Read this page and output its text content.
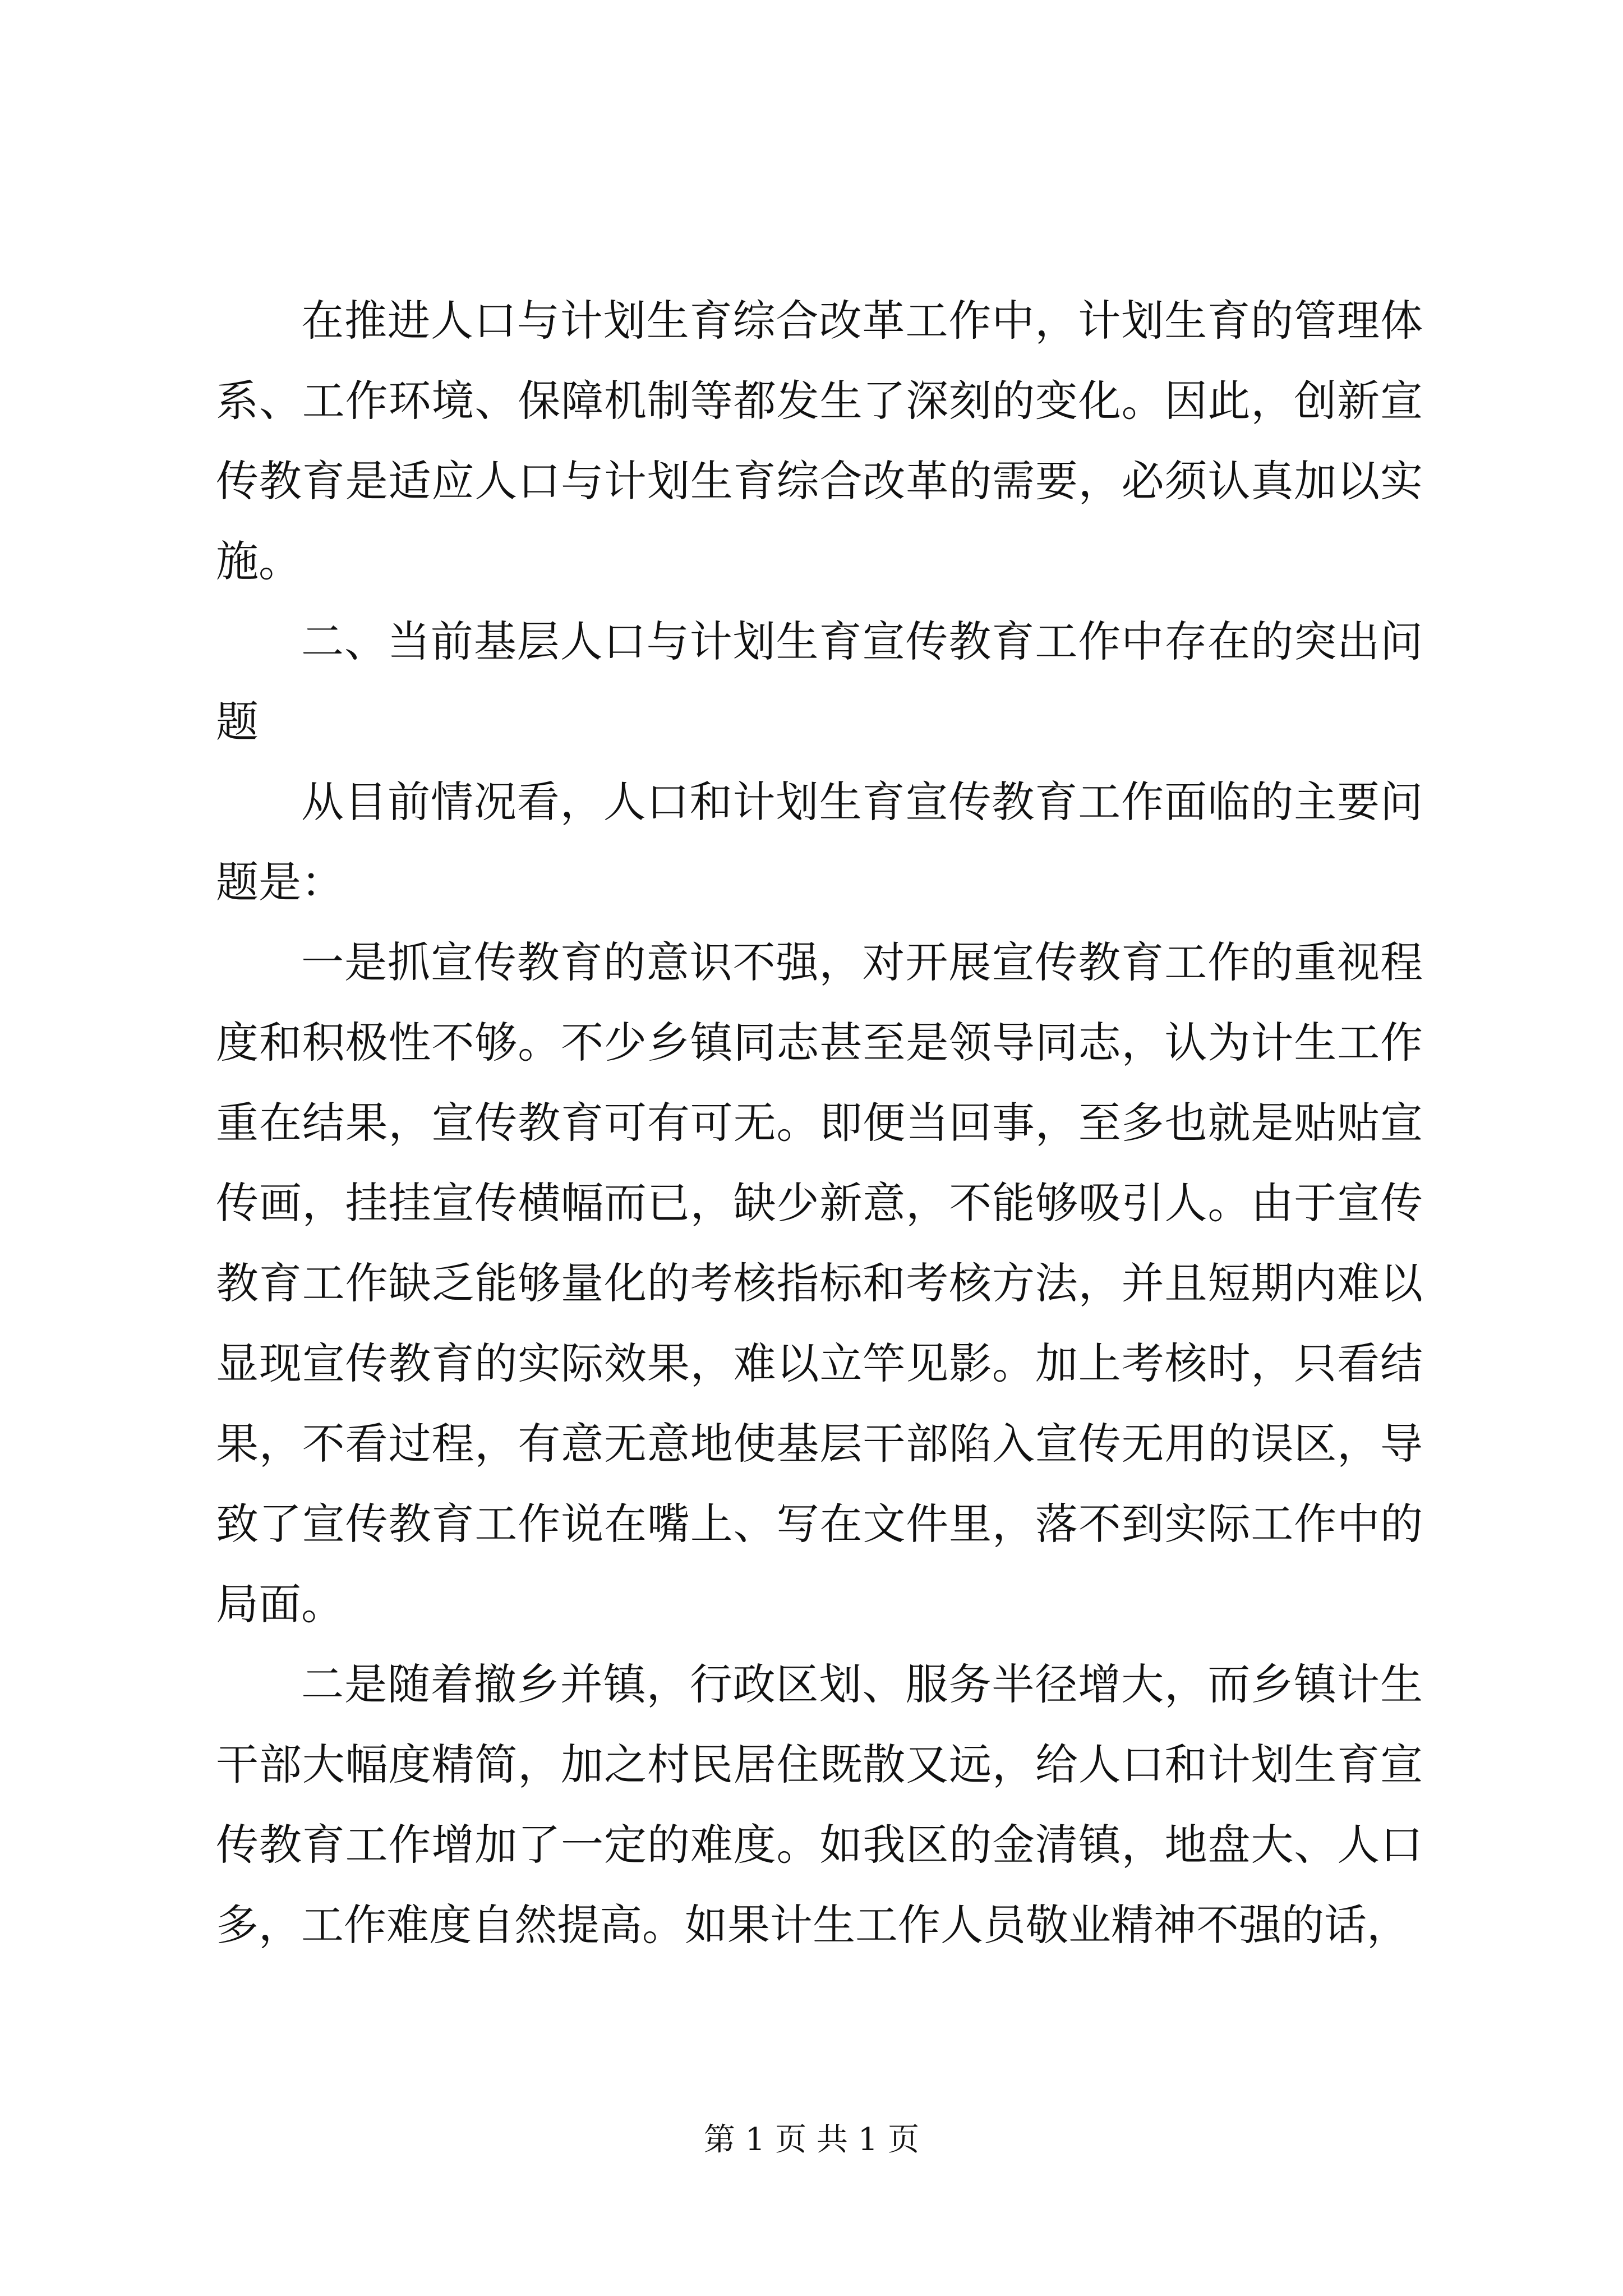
在推进人口与计划生育综合改革工作中，计划生育的管理体系、工作环境、保障机制等都发生了深刻的变化。因此，创新宣传教育是适应人口与计划生育综合改革的需要，必须认真加以实施。

二、当前基层人口与计划生育宣传教育工作中存在的突出问题

从目前情况看，人口和计划生育宣传教育工作面临的主要问题是：

一是抓宣传教育的意识不强，对开展宣传教育工作的重视程度和积极性不够。不少乡镇同志甚至是领导同志，认为计生工作重在结果，宣传教育可有可无。即便当回事，至多也就是贴贴宣传画，挂挂宣传横幅而已，缺少新意，不能够吸引人。由于宣传教育工作缺乏能够量化的考核指标和考核方法，并且短期内难以显现宣传教育的实际效果，难以立竿见影。加上考核时，只看结果，不看过程，有意无意地使基层干部陷入宣传无用的误区，导致了宣传教育工作说在嘴上、写在文件里，落不到实际工作中的局面。

二是随着撤乡并镇，行政区划、服务半径增大，而乡镇计生干部大幅度精简，加之村民居住既散又远，给人口和计划生育宣传教育工作增加了一定的难度。如我区的金清镇，地盘大、人口多，工作难度自然提高。如果计生工作人员敬业精神不强的话，

第 1 页 共 1 页
